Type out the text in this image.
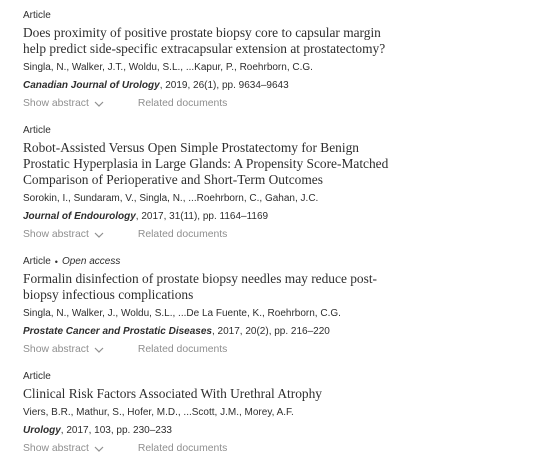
Article
Does proximity of positive prostate biopsy core to capsular margin
help predict side-specific extracapsular extension at prostatectomy?
Singla, N., Walker, J.T., Woldu, S.L., ...Kapur, P., Roehrborn, C.G.
Canadian Journal of Urology, 2019, 26(1), pp. 9634–9643
Show abstract	Related documents
Article
Robot-Assisted Versus Open Simple Prostatectomy for Benign
Prostatic Hyperplasia in Large Glands: A Propensity Score-Matched
Comparison of Perioperative and Short-Term Outcomes
Sorokin, I., Sundaram, V., Singla, N., ...Roehrborn, C., Gahan, J.C.
Journal of Endourology, 2017, 31(11), pp. 1164–1169
Show abstract	Related documents
Article • Open access
Formalin disinfection of prostate biopsy needles may reduce post-
biopsy infectious complications
Singla, N., Walker, J., Woldu, S.L., ...De La Fuente, K., Roehrborn, C.G.
Prostate Cancer and Prostatic Diseases, 2017, 20(2), pp. 216–220
Show abstract	Related documents
Article
Clinical Risk Factors Associated With Urethral Atrophy
Viers, B.R., Mathur, S., Hofer, M.D., ...Scott, J.M., Morey, A.F.
Urology, 2017, 103, pp. 230–233
Show abstract	Related documents
